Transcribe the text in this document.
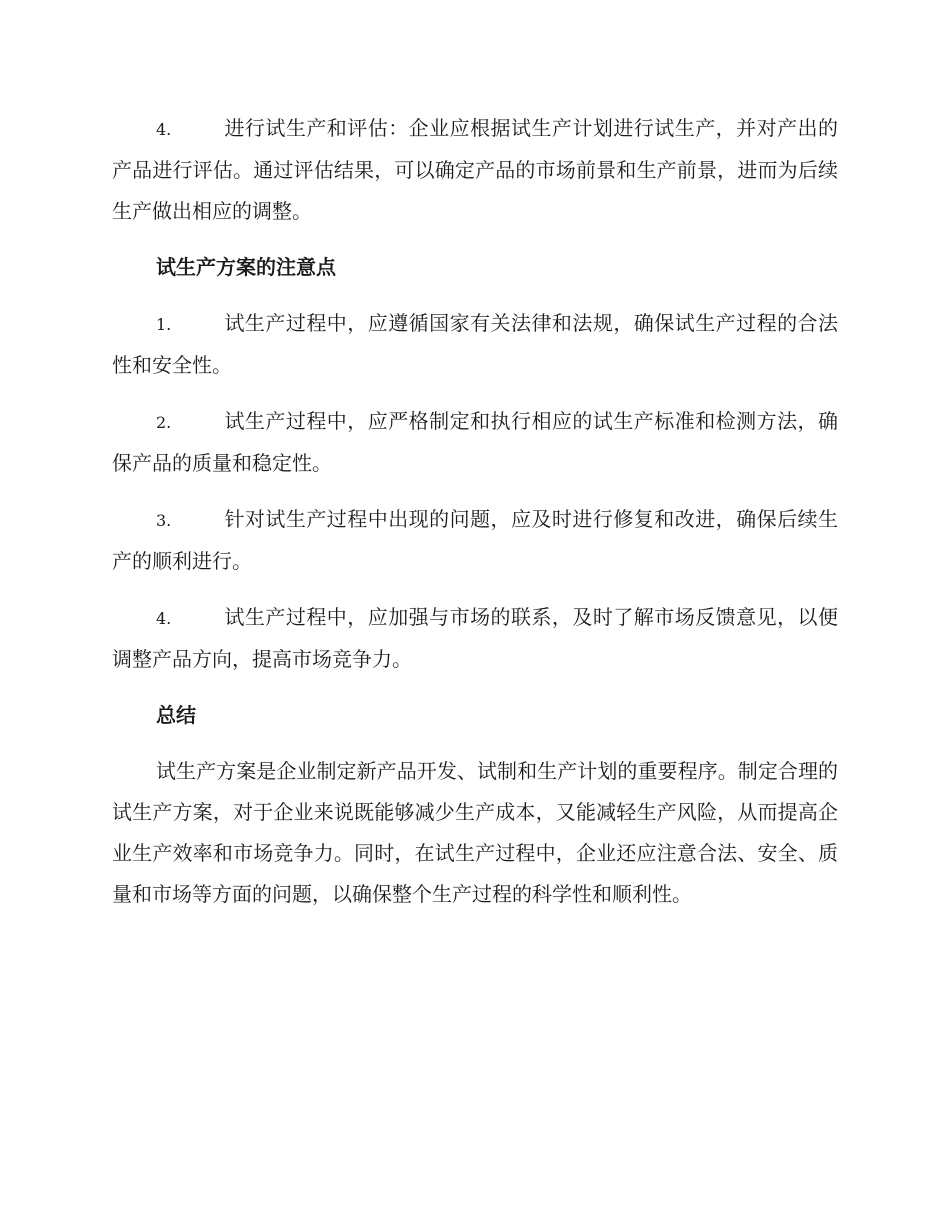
4.	进行试生产和评估：企业应根据试生产计划进行试生产，并对产出的产品进行评估。通过评估结果，可以确定产品的市场前景和生产前景，进而为后续生产做出相应的调整。

试生产方案的注意点

1.	试生产过程中，应遵循国家有关法律和法规，确保试生产过程的合法性和安全性。

2.	试生产过程中，应严格制定和执行相应的试生产标准和检测方法，确保产品的质量和稳定性。

3.	针对试生产过程中出现的问题，应及时进行修复和改进，确保后续生产的顺利进行。

4.	试生产过程中，应加强与市场的联系，及时了解市场反馈意见，以便调整产品方向，提高市场竞争力。

总结

试生产方案是企业制定新产品开发、试制和生产计划的重要程序。制定合理的试生产方案，对于企业来说既能够减少生产成本，又能减轻生产风险，从而提高企业生产效率和市场竞争力。同时，在试生产过程中，企业还应注意合法、安全、质量和市场等方面的问题，以确保整个生产过程的科学性和顺利性。
